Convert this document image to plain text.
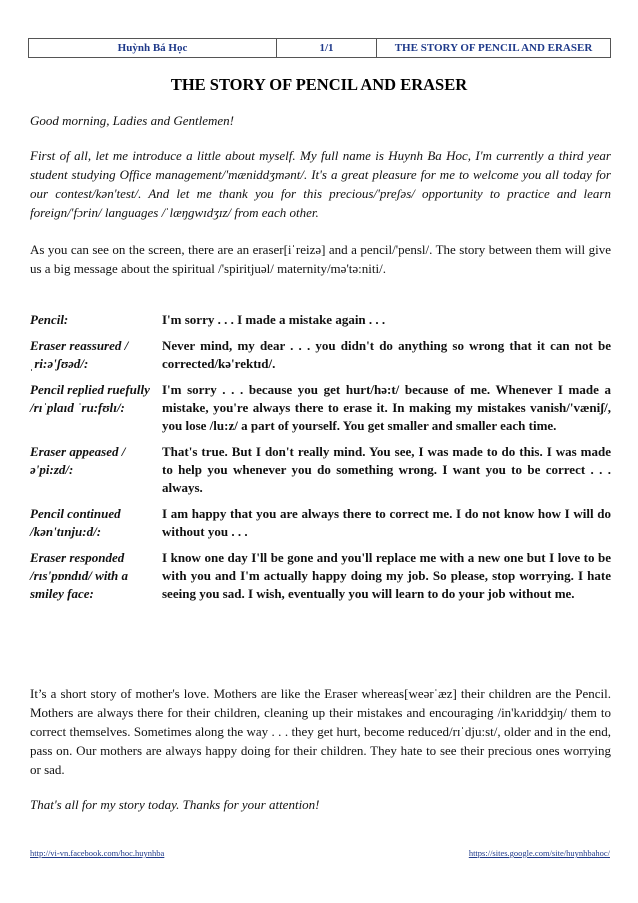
Huỳnh Bá Học	1/1	THE STORY OF PENCIL AND ERASER
THE STORY OF PENCIL AND ERASER

Good morning, Ladies and Gentlemen!

First of all, let me introduce a little about myself. My full name is Huynh Ba Hoc, I'm currently a third year student studying Office management/'mæniddʒmənt/. It's a great pleasure for me to welcome you all today for our contest/kən'test/. And let me thank you for this precious/'preʃəs/ opportunity to practice and learn foreign/'fɔrin/ languages /ˈlæŋgwɪdʒɪz/ from each other.

As you can see on the screen, there are an eraser[iˈreizə] and a pencil/'pensl/. The story between them will give us a big message about the spiritual /'spiritjuəl/ maternity/mə'tə:niti/.

Pencil:	I'm sorry . . . I made a mistake again . . .
Eraser reassured /ˌri:ə'ʃʊəd/:	Never mind, my dear . . . you didn't do anything so wrong that it can not be corrected/kə'rektɪd/.
Pencil replied ruefully /rɪˈplaɪd ˈru:fʊlɪ/:	I'm sorry . . . because you get hurt/hə:t/ because of me. Whenever I made a mistake, you're always there to erase it. In making my mistakes vanish/'væniʃ/, you lose /lu:z/ a part of yourself. You get smaller and smaller each time.
Eraser appeased /ə'pi:zd/:	That's true. But I don't really mind. You see, I was made to do this. I was made to help you whenever you do something wrong. I want you to be correct . . . always.
Pencil continued /kən'tɪnju:d/:	I am happy that you are always there to correct me. I do not know how I will do without you . . .
Eraser responded /rɪs'pɒndɪd/ with a smiley face:	I know one day I'll be gone and you'll replace me with a new one but I love to be with you and I'm actually happy doing my job. So please, stop worrying. I hate seeing you sad. I wish, eventually you will learn to do your job without me.

It’s a short story of mother's love. Mothers are like the Eraser whereas[weərˈæz] their children are the Pencil. Mothers are always there for their children, cleaning up their mistakes and encouraging /in'kʌriddʒiŋ/ them to correct themselves. Sometimes along the way . . . they get hurt, become reduced/rɪˈdju:st/, older and in the end, pass on. Our mothers are always happy doing for their children. They hate to see their precious ones worrying or sad.

That's all for my story today. Thanks for your attention!

http://vi-vn.facebook.com/hoc.huynhba	https://sites.google.com/site/huynhbahoc/
